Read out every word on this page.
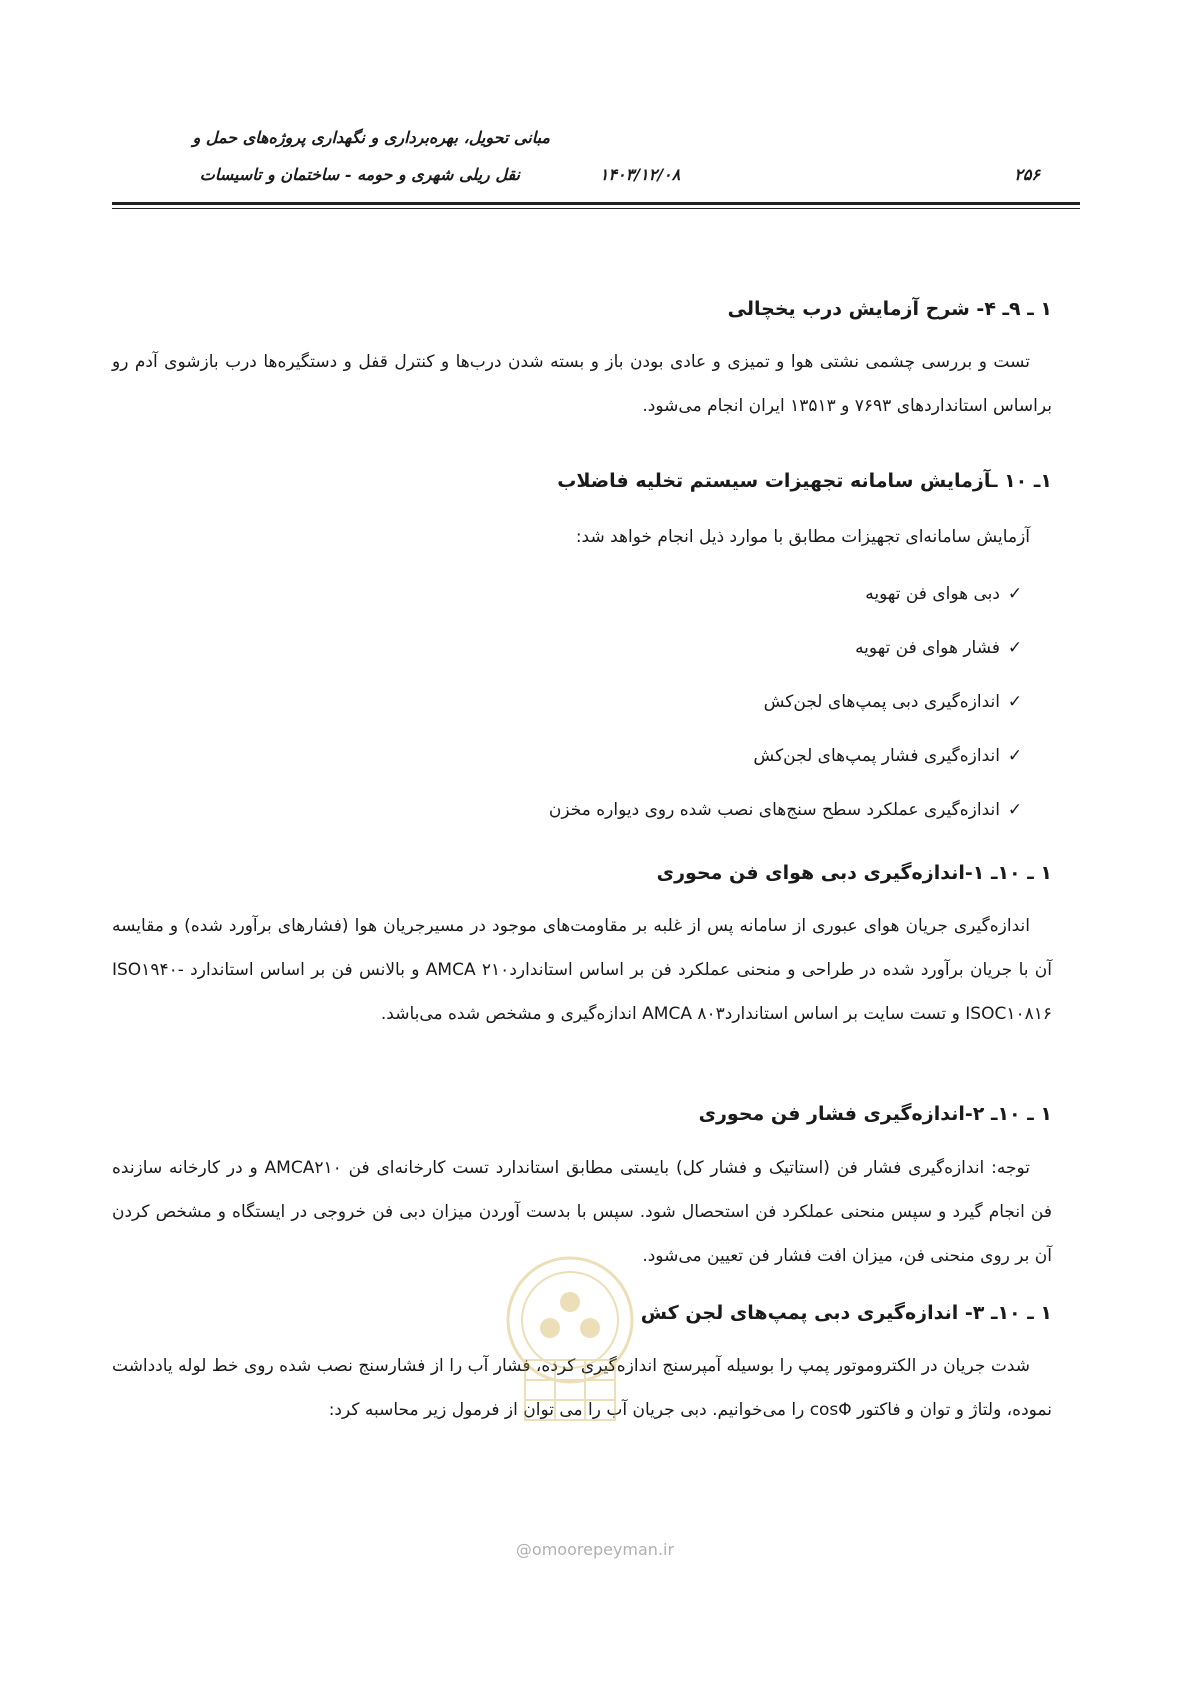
مبانی تحویل، بهره‌برداری و نگهداری پروژه‌های حمل و
نقل ریلی شهری و حومه - ساختمان و تاسیسات	۱۴۰۳/۱۲/۰۸	۲۵۶
۱ ـ ۹ـ ۴- شرح آزمایش درب یخچالی
تست و بررسی چشمی نشتی هوا و تمیزی و عادی بودن باز و بسته شدن درب‌ها و کنترل قفل و دستگیره‌ها درب بازشوی آدم رو براساس استانداردهای ۷۶۹۳ و ۱۳۵۱۳ ایران انجام می‌شود.
۱ـ ۱۰ ـآزمایش سامانه تجهیزات سیستم تخلیه فاضلاب
آزمایش سامانه‌ای تجهیزات مطابق با موارد ذیل انجام خواهد شد:
✓دبی هوای فن تهویه
✓فشار هوای فن تهویه
✓اندازه‌گیری دبی پمپ‌های لجن‌کش
✓اندازه‌گیری فشار پمپ‌های لجن‌کش
✓اندازه‌گیری عملکرد سطح سنج‌های نصب شده روی دیواره مخزن
۱ ـ ۱۰ـ ۱-اندازه‌گیری دبی هوای فن محوری
اندازه‌گیری جریان هوای عبوری از سامانه پس از غلبه بر مقاومت‌های موجود در مسیرجریان هوا (فشارهای برآورد شده) و مقایسه آن با جریان برآورد شده در طراحی و منحنی عملکرد فن بر اساس استاندارد۲۱۰ AMCA و بالانس فن بر اساس استاندارد ISO۱۹۴۰-ISOC۱۰۸۱۶ و تست سایت بر اساس استاندارد۸۰۳ AMCA اندازه‌گیری و مشخص شده می‌باشد.
۱ ـ ۱۰ـ ۲-اندازه‌گیری فشار فن محوری
توجه: اندازه‌گیری فشار فن (استاتیک و فشار کل) بایستی مطابق استاندارد تست کارخانه‌ای فن AMCA۲۱۰ و در کارخانه سازنده فن انجام گیرد و سپس منحنی عملکرد فن استحصال شود. سپس با بدست آوردن میزان دبی فن خروجی در ایستگاه و مشخص کردن آن بر روی منحنی فن، میزان افت فشار فن تعیین می‌شود.
۱ ـ ۱۰ـ ۳- اندازه‌گیری دبی پمپ‌های لجن کش
شدت جریان در الکتروموتور پمپ را بوسیله آمپرسنج اندازه‌گیری کرده، فشار آب را از فشارسنج نصب شده روی خط لوله یادداشت نموده، ولتاژ و توان و فاکتور cosΦ را می‌خوانیم. دبی جریان آب را می توان از فرمول زیر محاسبه کرد:
@omoorepeyman.ir
